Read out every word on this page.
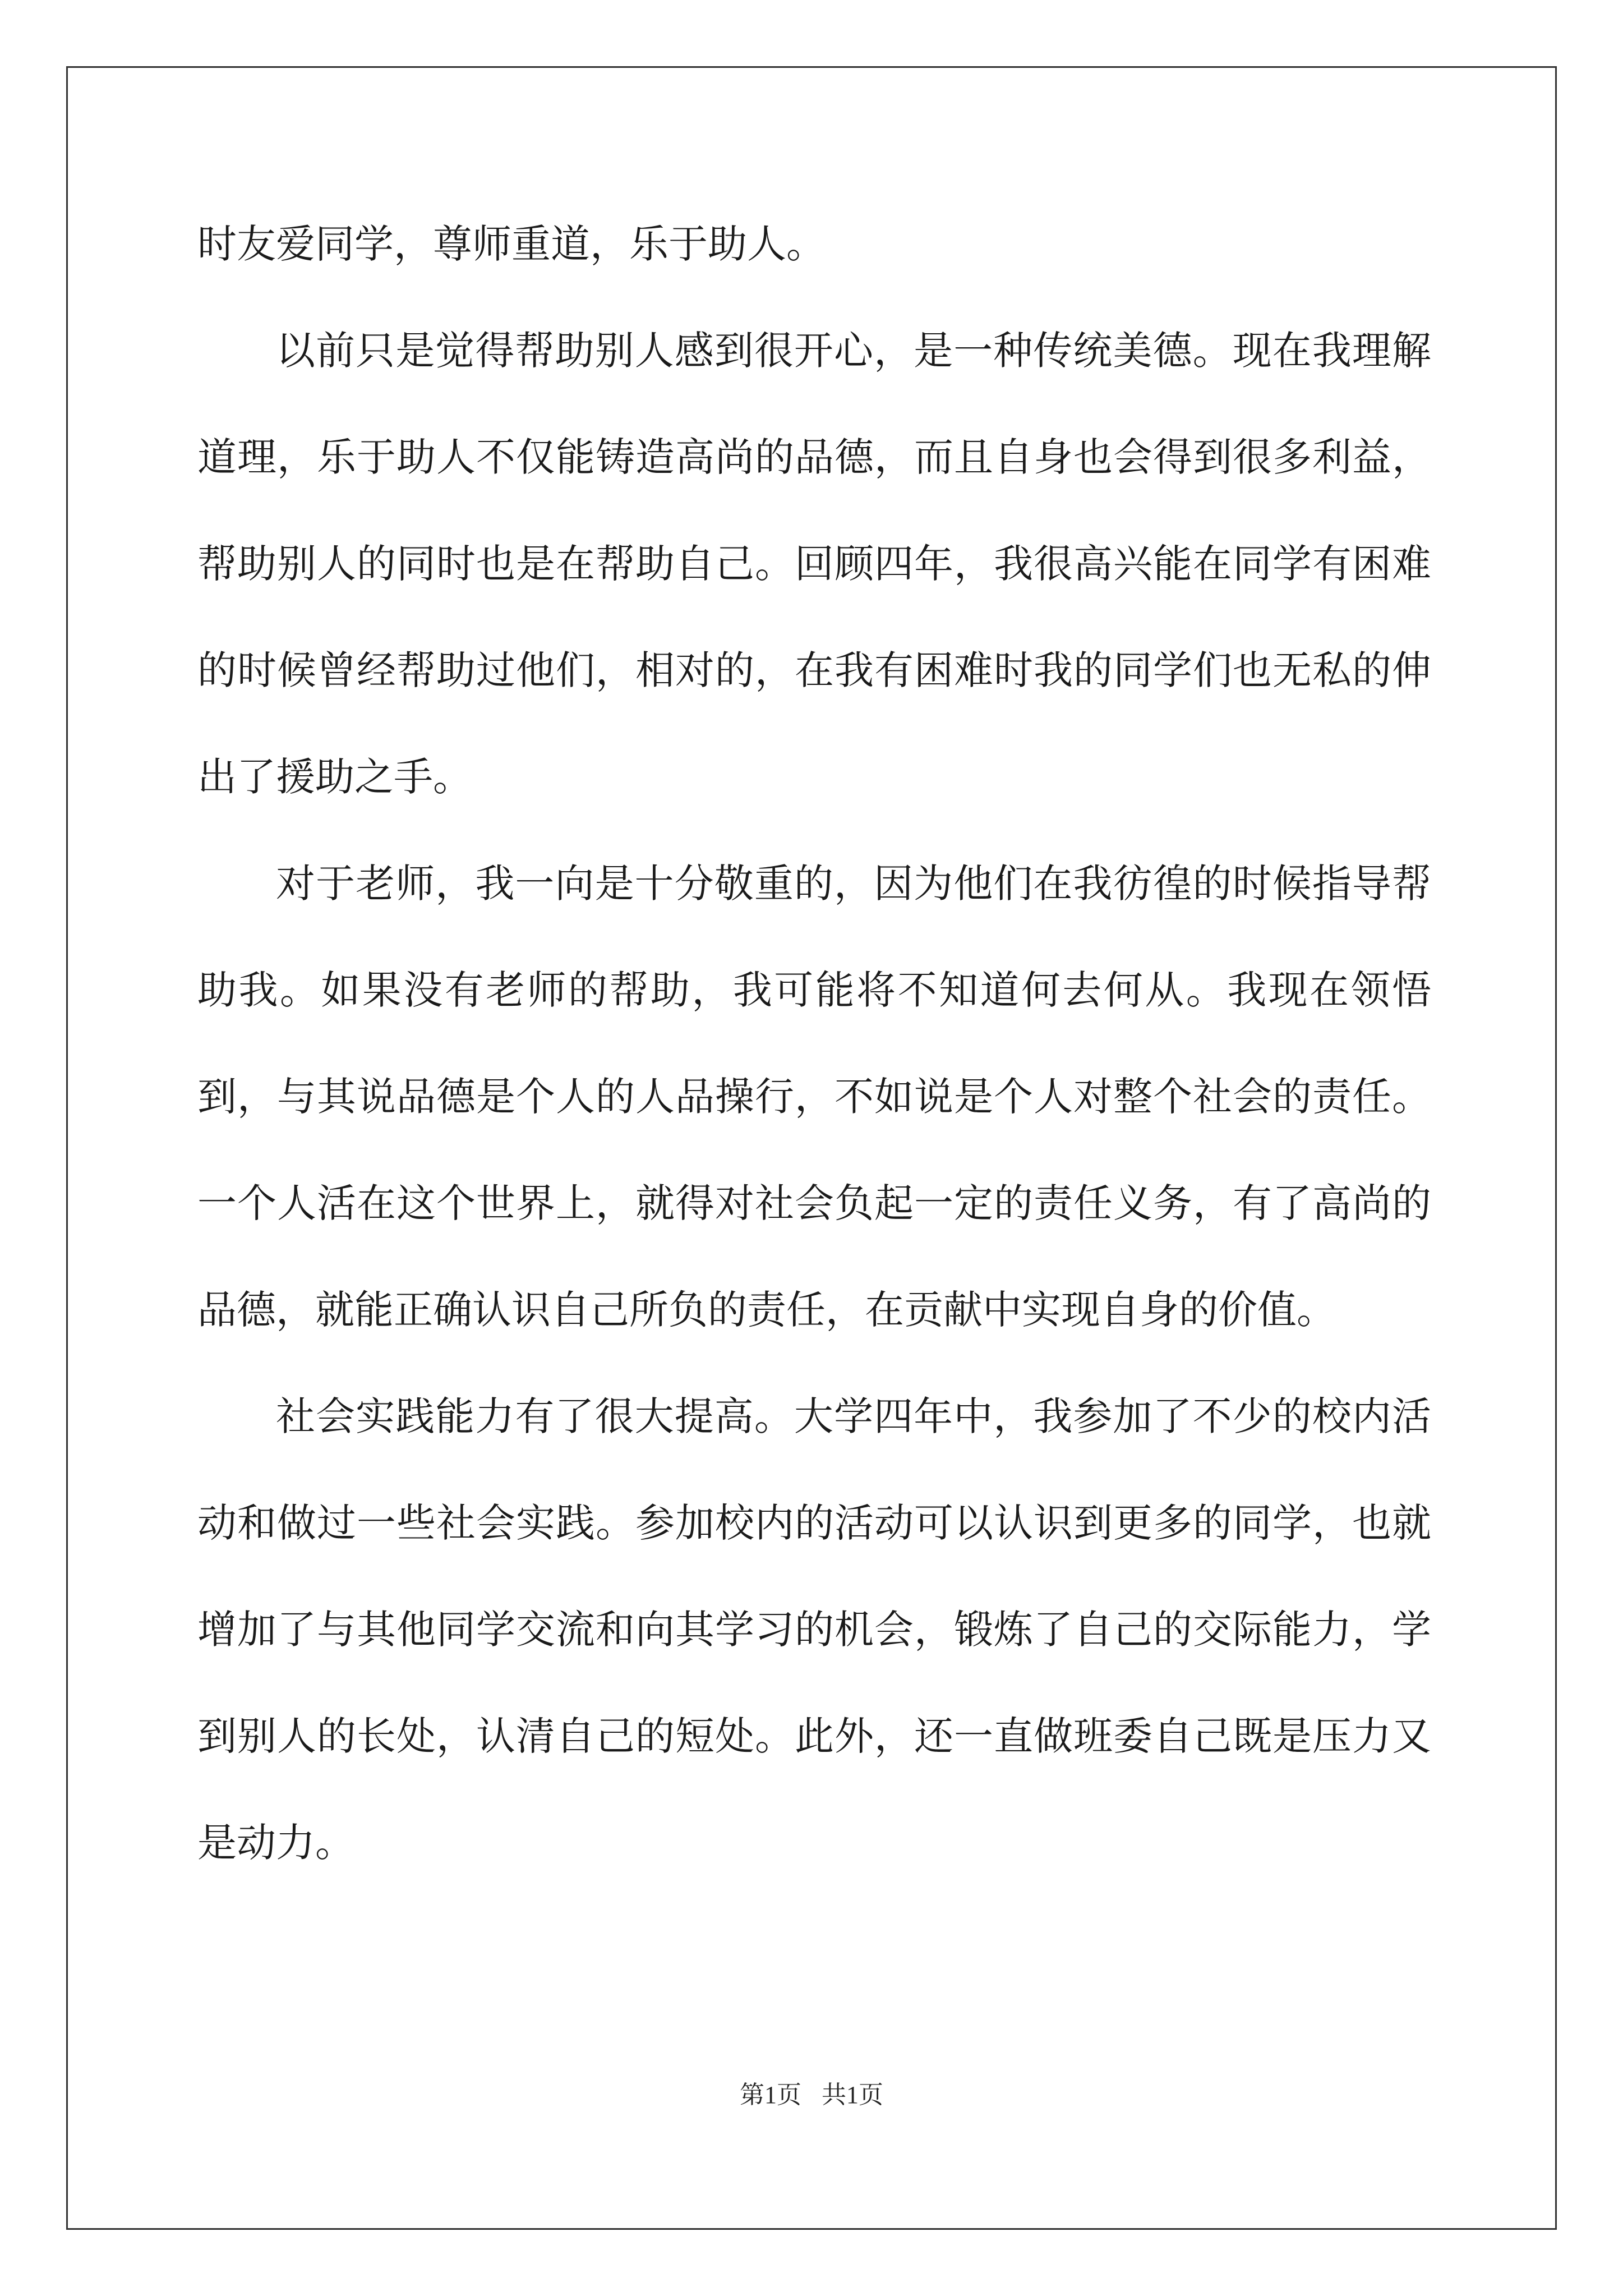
时友爱同学，尊师重道，乐于助人。

以前只是觉得帮助别人感到很开心，是一种传统美德。现在我理解道理，乐于助人不仅能铸造高尚的品德，而且自身也会得到很多利益，帮助别人的同时也是在帮助自己。回顾四年，我很高兴能在同学有困难的时候曾经帮助过他们，相对的，在我有困难时我的同学们也无私的伸出了援助之手。

对于老师，我一向是十分敬重的，因为他们在我彷徨的时候指导帮助我。如果没有老师的帮助，我可能将不知道何去何从。我现在领悟到，与其说品德是个人的人品操行，不如说是个人对整个社会的责任。一个人活在这个世界上，就得对社会负起一定的责任义务，有了高尚的品德，就能正确认识自己所负的责任，在贡献中实现自身的价值。

社会实践能力有了很大提高。大学四年中，我参加了不少的校内活动和做过一些社会实践。参加校内的活动可以认识到更多的同学，也就增加了与其他同学交流和向其学习的机会，锻炼了自己的交际能力，学到别人的长处，认清自己的短处。此外，还一直做班委自己既是压力又是动力。

第1页 共1页
